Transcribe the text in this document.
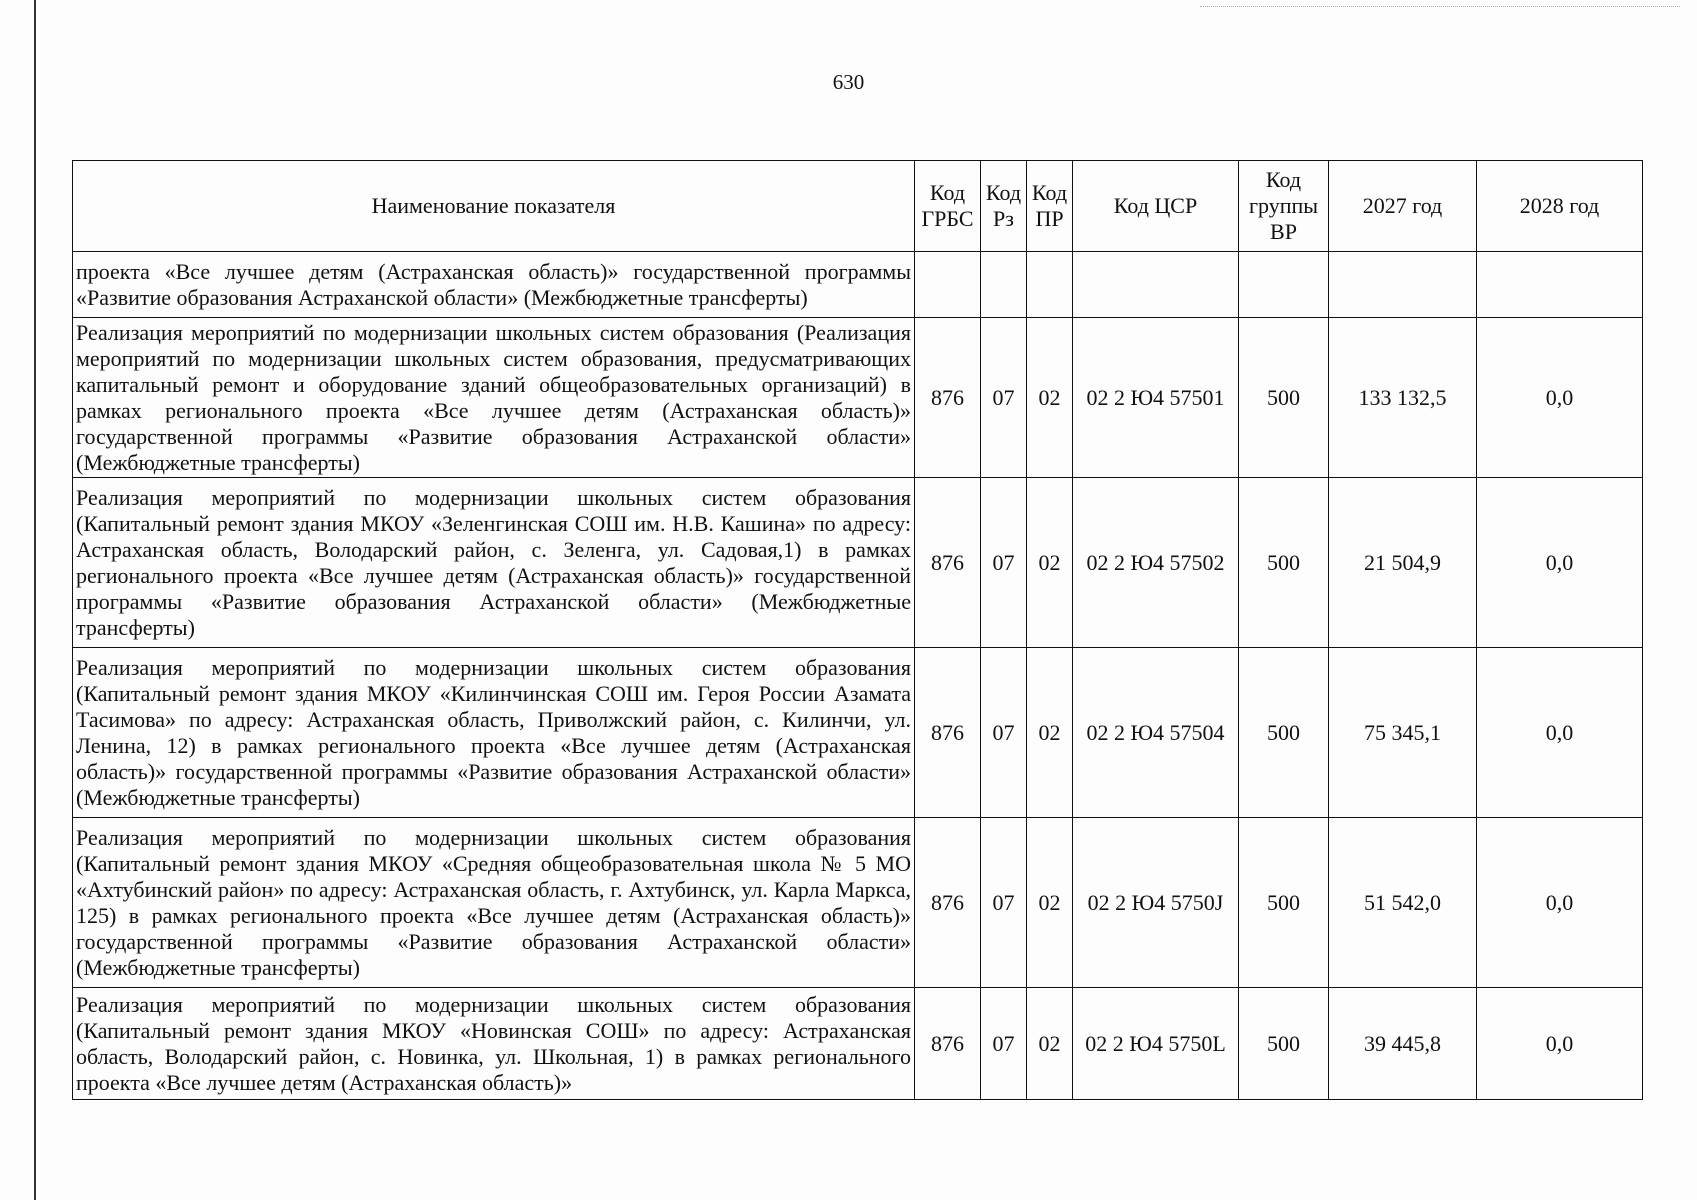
630
Наименование показателя	Код ГРБС	Код Рз	Код ПР	Код ЦСР	Код группы ВР	2027 год	2028 год
проекта «Все лучшее детям (Астраханская область)» государственной программы «Развитие образования Астраханской области» (Межбюджетные трансферты)							
Реализация мероприятий по модернизации школьных систем образования (Реализация мероприятий по модернизации школьных систем образования, предусматривающих капитальный ремонт и оборудование зданий общеобразовательных организаций) в рамках регионального проекта «Все лучшее детям (Астраханская область)» государственной программы «Развитие образования Астраханской области» (Межбюджетные трансферты)	876	07	02	02 2 Ю4 57501	500	133 132,5	0,0
Реализация мероприятий по модернизации школьных систем образования (Капитальный ремонт здания МКОУ «Зеленгинская СОШ им. Н.В. Кашина» по адресу: Астраханская область, Володарский район, с. Зеленга, ул. Садовая,1) в рамках регионального проекта «Все лучшее детям (Астраханская область)» государственной программы «Развитие образования Астраханской области» (Межбюджетные трансферты)	876	07	02	02 2 Ю4 57502	500	21 504,9	0,0
Реализация мероприятий по модернизации школьных систем образования (Капитальный ремонт здания МКОУ «Килинчинская СОШ им. Героя России Азамата Тасимова» по адресу: Астраханская область, Приволжский район, с. Килинчи, ул. Ленина, 12) в рамках регионального проекта «Все лучшее детям (Астраханская область)» государственной программы «Развитие образования Астраханской области» (Межбюджетные трансферты)	876	07	02	02 2 Ю4 57504	500	75 345,1	0,0
Реализация мероприятий по модернизации школьных систем образования (Капитальный ремонт здания МКОУ «Средняя общеобразовательная школа № 5 МО «Ахтубинский район» по адресу: Астраханская область, г. Ахтубинск, ул. Карла Маркса, 125) в рамках регионального проекта «Все лучшее детям (Астраханская область)» государственной программы «Развитие образования Астраханской области» (Межбюджетные трансферты)	876	07	02	02 2 Ю4 5750J	500	51 542,0	0,0
Реализация мероприятий по модернизации школьных систем образования (Капитальный ремонт здания МКОУ «Новинская СОШ» по адресу: Астраханская область, Володарский район, с. Новинка, ул. Школьная, 1) в рамках регионального проекта «Все лучшее детям (Астраханская область)»	876	07	02	02 2 Ю4 5750L	500	39 445,8	0,0
